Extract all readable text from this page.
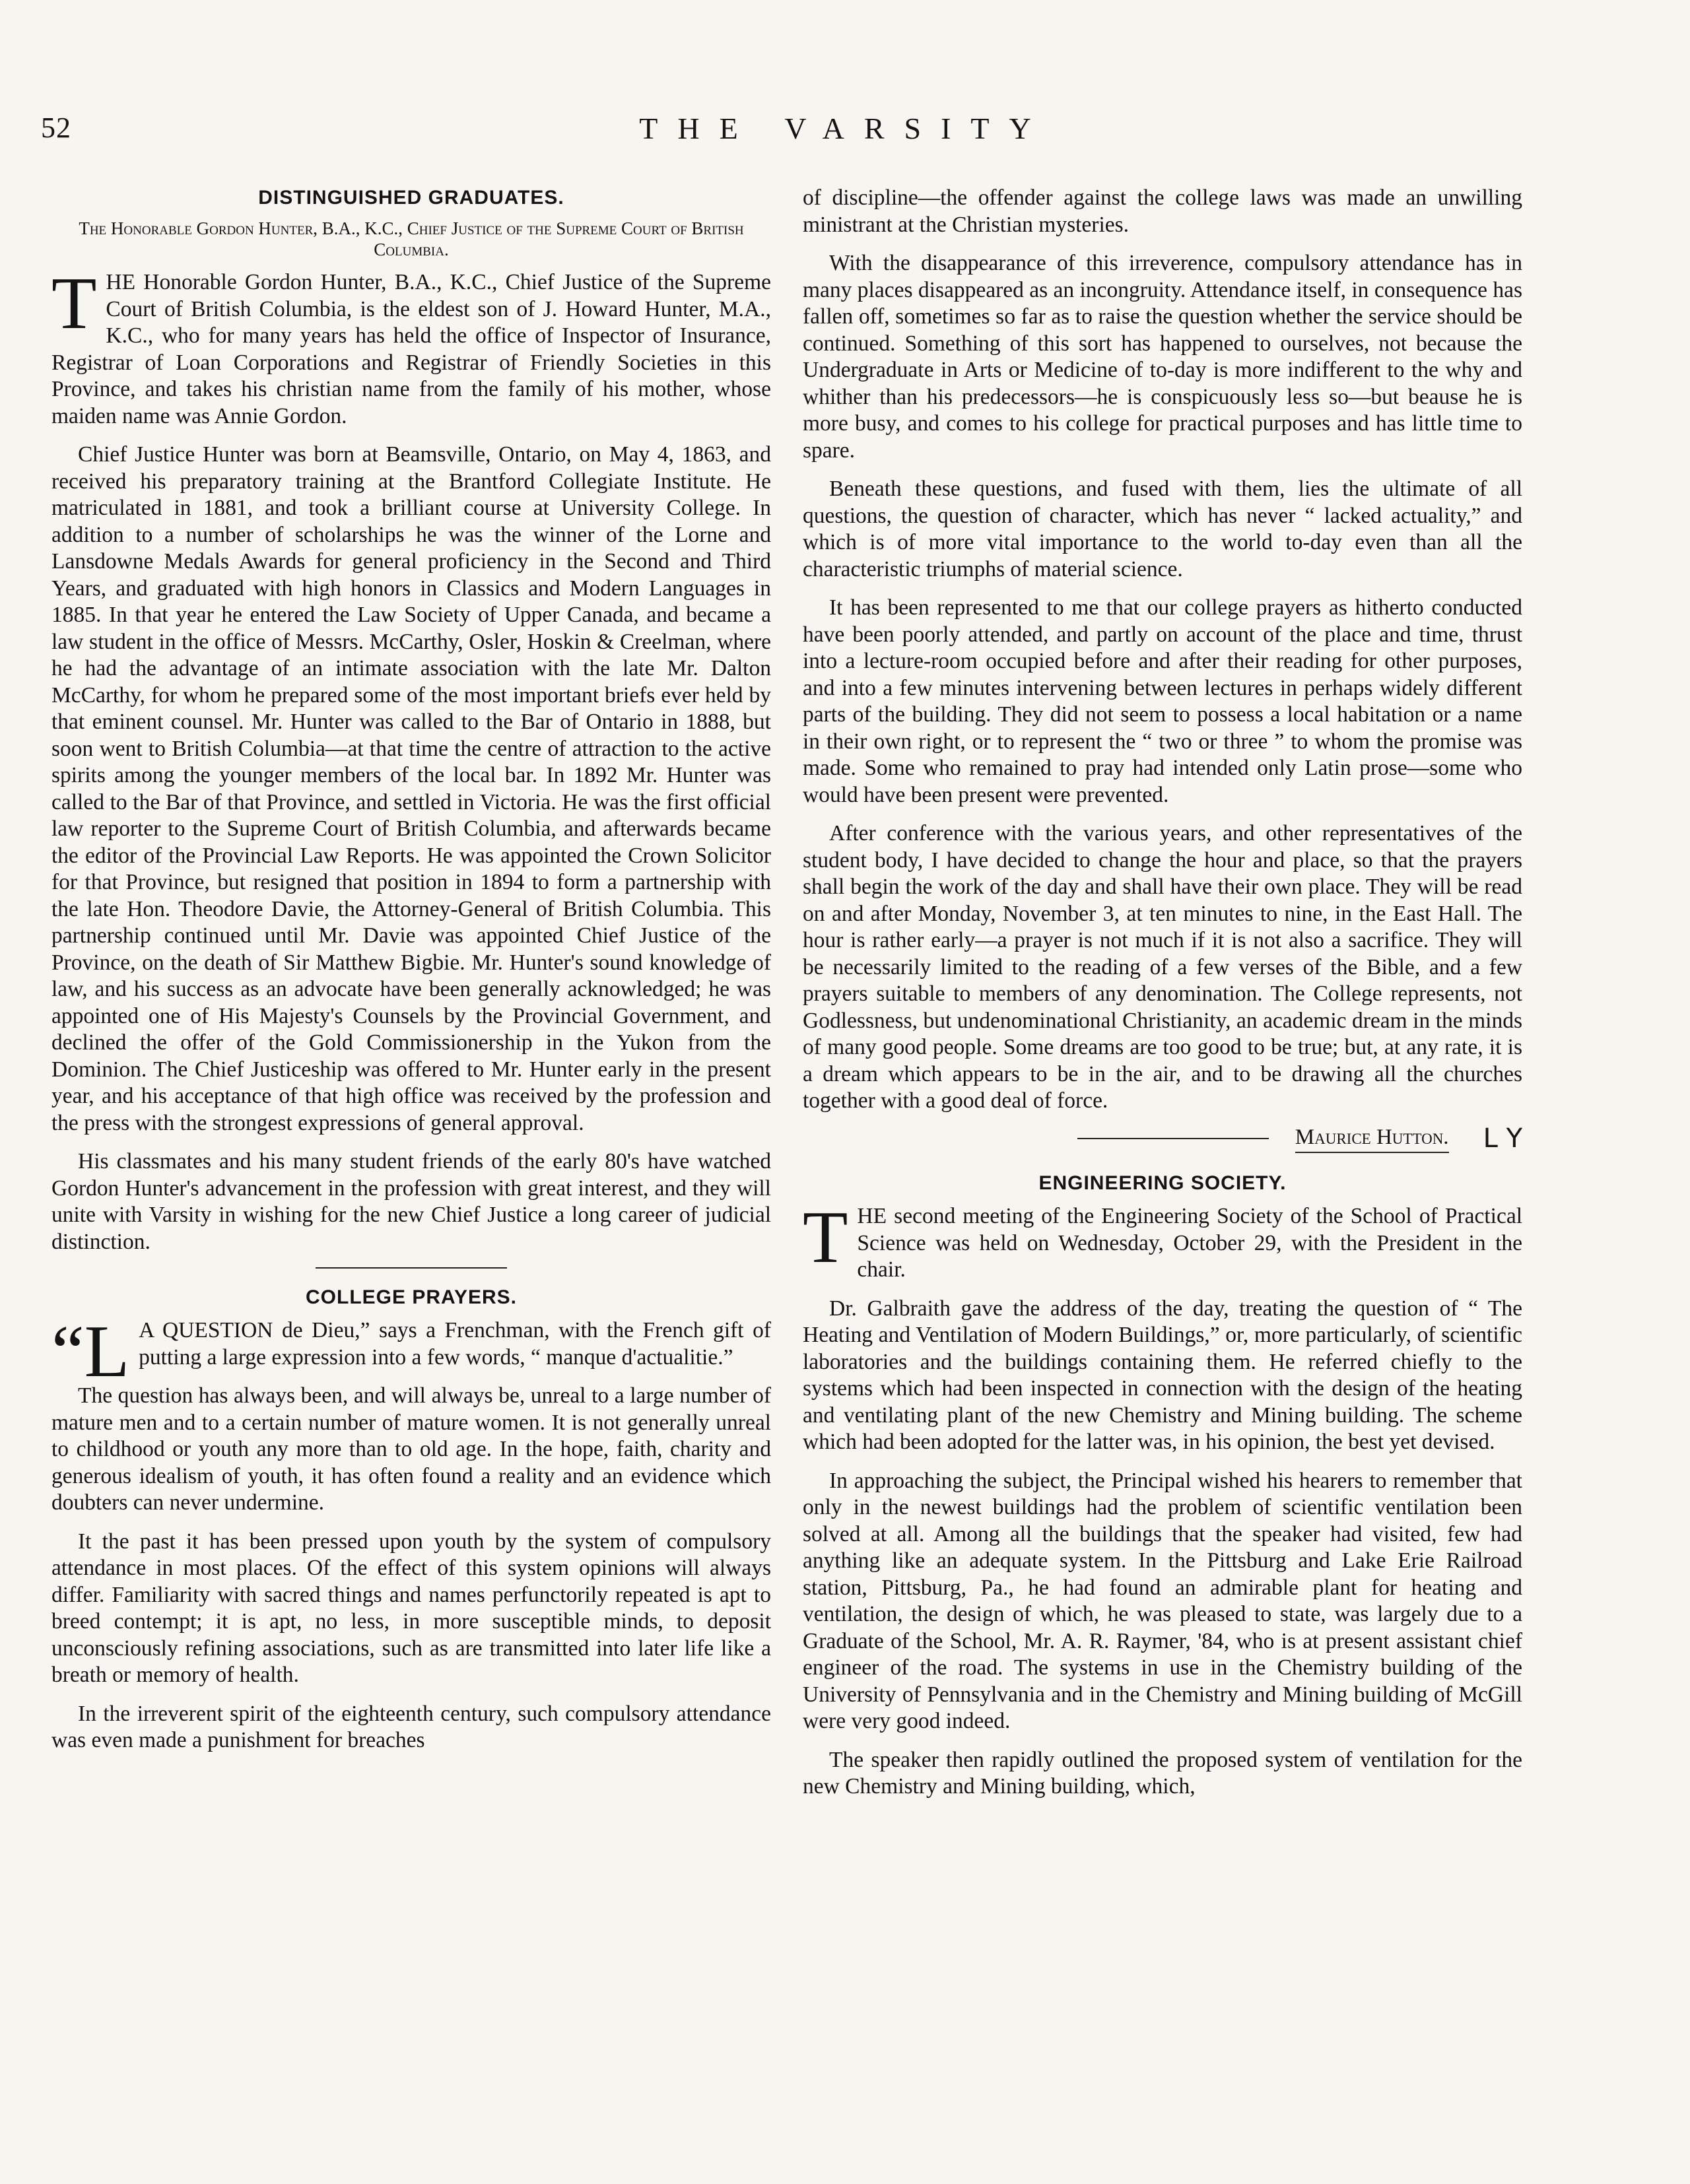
52	THE VARSITY
DISTINGUISHED GRADUATES.
The Honorable Gordon Hunter, B.A., K.C., Chief Justice of the Supreme Court of British Columbia.

THE Honorable Gordon Hunter, B.A., K.C., Chief Justice of the Supreme Court of British Columbia, is the eldest son of J. Howard Hunter, M.A., K.C., who for many years has held the office of Inspector of Insurance, Registrar of Loan Corporations and Registrar of Friendly Societies in this Province, and takes his christian name from the family of his mother, whose maiden name was Annie Gordon.

Chief Justice Hunter was born at Beamsville, Ontario, on May 4, 1863, and received his preparatory training at the Brantford Collegiate Institute. He matriculated in 1881, and took a brilliant course at University College. In addition to a number of scholarships he was the winner of the Lorne and Lansdowne Medals Awards for general proficiency in the Second and Third Years, and graduated with high honors in Classics and Modern Languages in 1885. In that year he entered the Law Society of Upper Canada, and became a law student in the office of Messrs. McCarthy, Osler, Hoskin & Creelman, where he had the advantage of an intimate association with the late Mr. Dalton McCarthy, for whom he prepared some of the most important briefs ever held by that eminent counsel. Mr. Hunter was called to the Bar of Ontario in 1888, but soon went to British Columbia—at that time the centre of attraction to the active spirits among the younger members of the local bar. In 1892 Mr. Hunter was called to the Bar of that Province, and settled in Victoria. He was the first official law reporter to the Supreme Court of British Columbia, and afterwards became the editor of the Provincial Law Reports. He was appointed the Crown Solicitor for that Province, but resigned that position in 1894 to form a partnership with the late Hon. Theodore Davie, the Attorney-General of British Columbia. This partnership continued until Mr. Davie was appointed Chief Justice of the Province, on the death of Sir Matthew Bigbie. Mr. Hunter's sound knowledge of law, and his success as an advocate have been generally acknowledged; he was appointed one of His Majesty's Counsels by the Provincial Government, and declined the offer of the Gold Commissionership in the Yukon from the Dominion. The Chief Justiceship was offered to Mr. Hunter early in the present year, and his acceptance of that high office was received by the profession and the press with the strongest expressions of general approval.

His classmates and his many student friends of the early 80's have watched Gordon Hunter's advancement in the profession with great interest, and they will unite with Varsity in wishing for the new Chief Justice a long career of judicial distinction.

COLLEGE PRAYERS.

“L A QUESTION de Dieu,” says a Frenchman, with the French gift of putting a large expression into a few words, “ manque d'actualitie.”

The question has always been, and will always be, unreal to a large number of mature men and to a certain number of mature women. It is not generally unreal to childhood or youth any more than to old age. In the hope, faith, charity and generous idealism of youth, it has often found a reality and an evidence which doubters can never undermine.

It the past it has been pressed upon youth by the system of compulsory attendance in most places. Of the effect of this system opinions will always differ. Familiarity with sacred things and names perfunctorily repeated is apt to breed contempt; it is apt, no less, in more susceptible minds, to deposit unconsciously refining associations, such as are transmitted into later life like a breath or memory of health.

In the irreverent spirit of the eighteenth century, such compulsory attendance was even made a punishment for breaches

of discipline—the offender against the college laws was made an unwilling ministrant at the Christian mysteries.

With the disappearance of this irreverence, compulsory attendance has in many places disappeared as an incongruity. Attendance itself, in consequence has fallen off, sometimes so far as to raise the question whether the service should be continued. Something of this sort has happened to ourselves, not because the Undergraduate in Arts or Medicine of to-day is more indifferent to the why and whither than his predecessors—he is conspicuously less so—but beause he is more busy, and comes to his college for practical purposes and has little time to spare.

Beneath these questions, and fused with them, lies the ultimate of all questions, the question of character, which has never “ lacked actuality,” and which is of more vital importance to the world to-day even than all the characteristic triumphs of material science.

It has been represented to me that our college prayers as hitherto conducted have been poorly attended, and partly on account of the place and time, thrust into a lecture-room occupied before and after their reading for other purposes, and into a few minutes intervening between lectures in perhaps widely different parts of the building. They did not seem to possess a local habitation or a name in their own right, or to represent the “ two or three ” to whom the promise was made. Some who remained to pray had intended only Latin prose—some who would have been present were prevented.

After conference with the various years, and other representatives of the student body, I have decided to change the hour and place, so that the prayers shall begin the work of the day and shall have their own place. They will be read on and after Monday, November 3, at ten minutes to nine, in the East Hall. The hour is rather early—a prayer is not much if it is not also a sacrifice. They will be necessarily limited to the reading of a few verses of the Bible, and a few prayers suitable to members of any denomination. The College represents, not Godlessness, but undenominational Christianity, an academic dream in the minds of many good people. Some dreams are too good to be true; but, at any rate, it is a dream which appears to be in the air, and to be drawing all the churches together with a good deal of force.

Maurice Hutton. L Y
ENGINEERING SOCIETY.

THE second meeting of the Engineering Society of the School of Practical Science was held on Wednesday, October 29, with the President in the chair.

Dr. Galbraith gave the address of the day, treating the question of “ The Heating and Ventilation of Modern Buildings,” or, more particularly, of scientific laboratories and the buildings containing them. He referred chiefly to the systems which had been inspected in connection with the design of the heating and ventilating plant of the new Chemistry and Mining building. The scheme which had been adopted for the latter was, in his opinion, the best yet devised.

In approaching the subject, the Principal wished his hearers to remember that only in the newest buildings had the problem of scientific ventilation been solved at all. Among all the buildings that the speaker had visited, few had anything like an adequate system. In the Pittsburg and Lake Erie Railroad station, Pittsburg, Pa., he had found an admirable plant for heating and ventilation, the design of which, he was pleased to state, was largely due to a Graduate of the School, Mr. A. R. Raymer, '84, who is at present assistant chief engineer of the road. The systems in use in the Chemistry building of the University of Pennsylvania and in the Chemistry and Mining building of McGill were very good indeed.

The speaker then rapidly outlined the proposed system of ventilation for the new Chemistry and Mining building, which,
